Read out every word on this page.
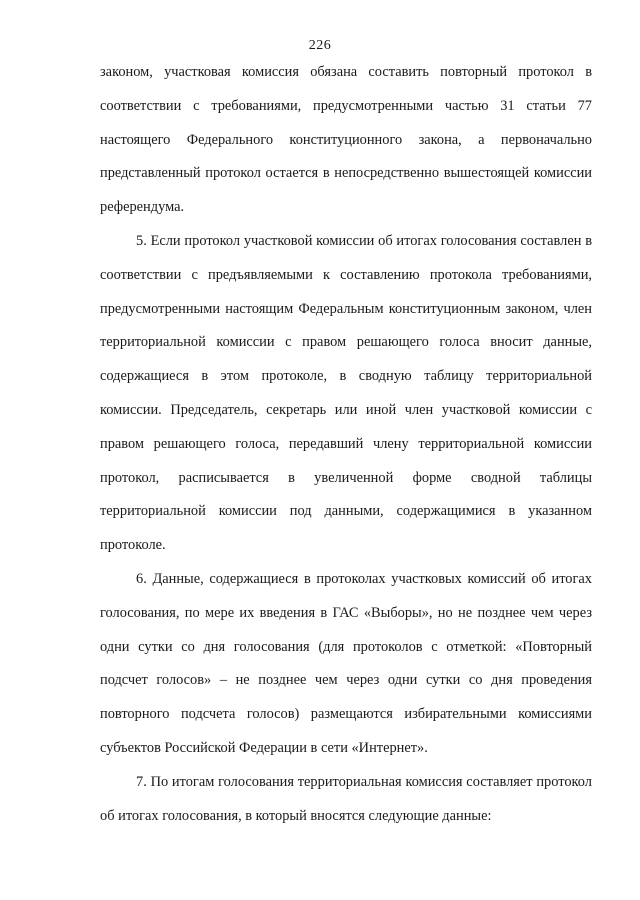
226

законом, участковая комиссия обязана составить повторный протокол в соответствии с требованиями, предусмотренными частью 31 статьи 77 настоящего Федерального конституционного закона, а первоначально представленный протокол остается в непосредственно вышестоящей комиссии референдума.

5. Если протокол участковой комиссии об итогах голосования составлен в соответствии с предъявляемыми к составлению протокола требованиями, предусмотренными настоящим Федеральным конституционным законом, член территориальной комиссии с правом решающего голоса вносит данные, содержащиеся в этом протоколе, в сводную таблицу территориальной комиссии. Председатель, секретарь или иной член участковой комиссии с правом решающего голоса, передавший члену территориальной комиссии протокол, расписывается в увеличенной форме сводной таблицы территориальной комиссии под данными, содержащимися в указанном протоколе.

6. Данные, содержащиеся в протоколах участковых комиссий об итогах голосования, по мере их введения в ГАС «Выборы», но не позднее чем через одни сутки со дня голосования (для протоколов с отметкой: «Повторный подсчет голосов» – не позднее чем через одни сутки со дня проведения повторного подсчета голосов) размещаются избирательными комиссиями субъектов Российской Федерации в сети «Интернет».

7. По итогам голосования территориальная комиссия составляет протокол об итогах голосования, в который вносятся следующие данные:
